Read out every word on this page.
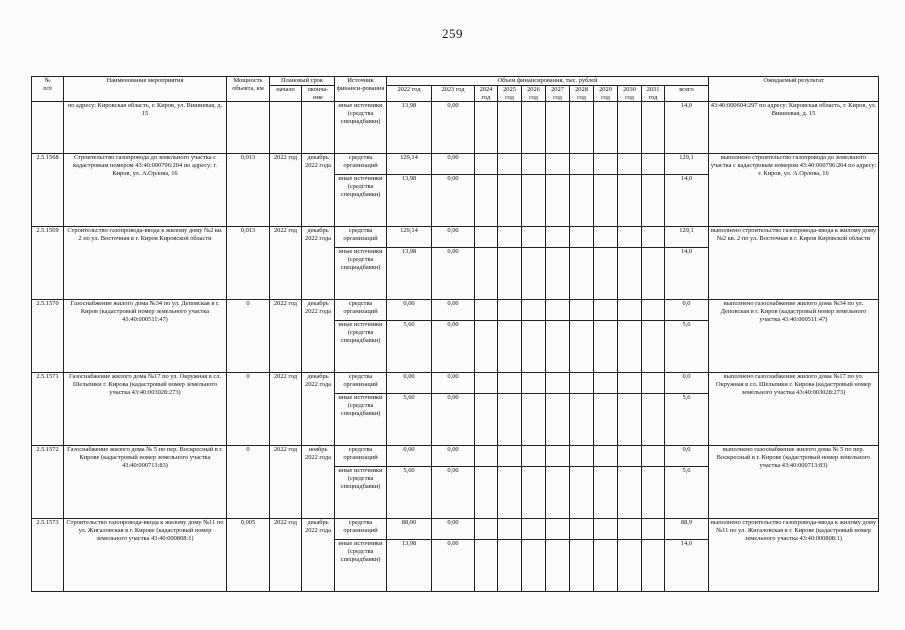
259
№
п/п	Наименование мероприятия	Мощность объекта, км	Плановый срок		Источник финанси-рования	Объем финансирования, тыс. рублей											Ожидаемый результат
			начало	оконча-ние		2022 год	2023 год	2024 год	2025 год	2026 год	2027 год	2028 год	2029 год	2030 год	2031 год	всего	

	по адресу: Кировская область, г. Киров, ул. Вишневая, д. 15				иные источники (средства спецнадбавки)	13,98	0,00									14,0	43:40:000604:297 по адресу: Кировская область, г. Киров, ул. Вишневая, д. 15
2.5.1568	Строительство газопровода до земельного участка с кадастровым номером 43:40:000796:204 по адресу: г. Киров, ул. А.Орлова, 16	0,013	2022 год	декабрь 2022 года	средства организаций	129,14	0,00									129,1	выполнено строительство газопровода до земельного участка с кадастровым номером 43:40:000796:204 по адресу: г. Киров, ул. А.Орлова, 16
					иные источники (средства спецнадбавки)	13,98	0,00									14,0	
2.5.1569	Строительство газопровода-ввода к жилому дому №2 кв. 2 по ул. Восточная в г. Киров Кировской области	0,013	2022 год	декабрь 2022 года	средства организаций	129,14	0,00									129,1	выполнено строительство газопровода-ввода к жилому дому №2 кв. 2 по ул. Восточная в г. Киров Кировской области
					иные источники (средства спецнадбавки)	13,98	0,00									14,0	
2.5.1570	Газоснабжение жилого дома №34 по ул. Деповская в г. Киров (кадастровый номер земельного участка 43:40:000511:47)	0	2022 год	декабрь 2022 года	средства организаций	0,00	0,00									0,0	выполнено газоснабжение жилого дома №34 по ул. Деповская в г. Киров (кадастровый номер земельного участка 43:40:000511:47)
					иные источники (средства спецнадбавки)	5,60	0,00									5,6	
2.5.1571	Газоснабжение жилого дома №17 по ул. Окружная в сл. Шельпики г. Кирова (кадастровый номер земельного участка 43:40:003028:273)	0	2022 год	декабрь 2022 года	средства организаций	0,00	0,00									0,0	выполнено газоснабжение жилого дома №17 по ул. Окружная в сл. Шельпики г. Кирова (кадастровый номер земельного участка 43:40:003028:273)
					иные источники (средства спецнадбавки)	5,60	0,00									5,6	
2.5.1572	Газоснабжение жилого дома № 5 по пер. Воскресный в г. Кирове (кадастровый номер земельного участка 43:40:000713:83)	0	2022 год	ноябрь 2022 года	средства организаций	0,00	0,00									0,0	выполнено газоснабжение жилого дома № 5 по пер. Воскресный в г. Кирове (кадастровый номер земельного участка 43:40:000713:83)
					иные источники (средства спецнадбавки)	5,60	0,00									5,6	
2.5.1573	Строительство газопровода-ввода к жилому дому №11 по ул. Жигаловская в г. Кирове (кадастровый номер земельного участка 43:40:000808:1)	0,005	2022 год	декабрь 2022 года	средства организаций	88,90	0,00									88,9	выполнено строительство газопровода-ввода к жилому дому №11 по ул. Жигаловская в г. Кирове (кадастровый номер земельного участка 43:40:000808:1)
					иные источники (средства спецнадбавки)	13,98	0,00									14,0	
